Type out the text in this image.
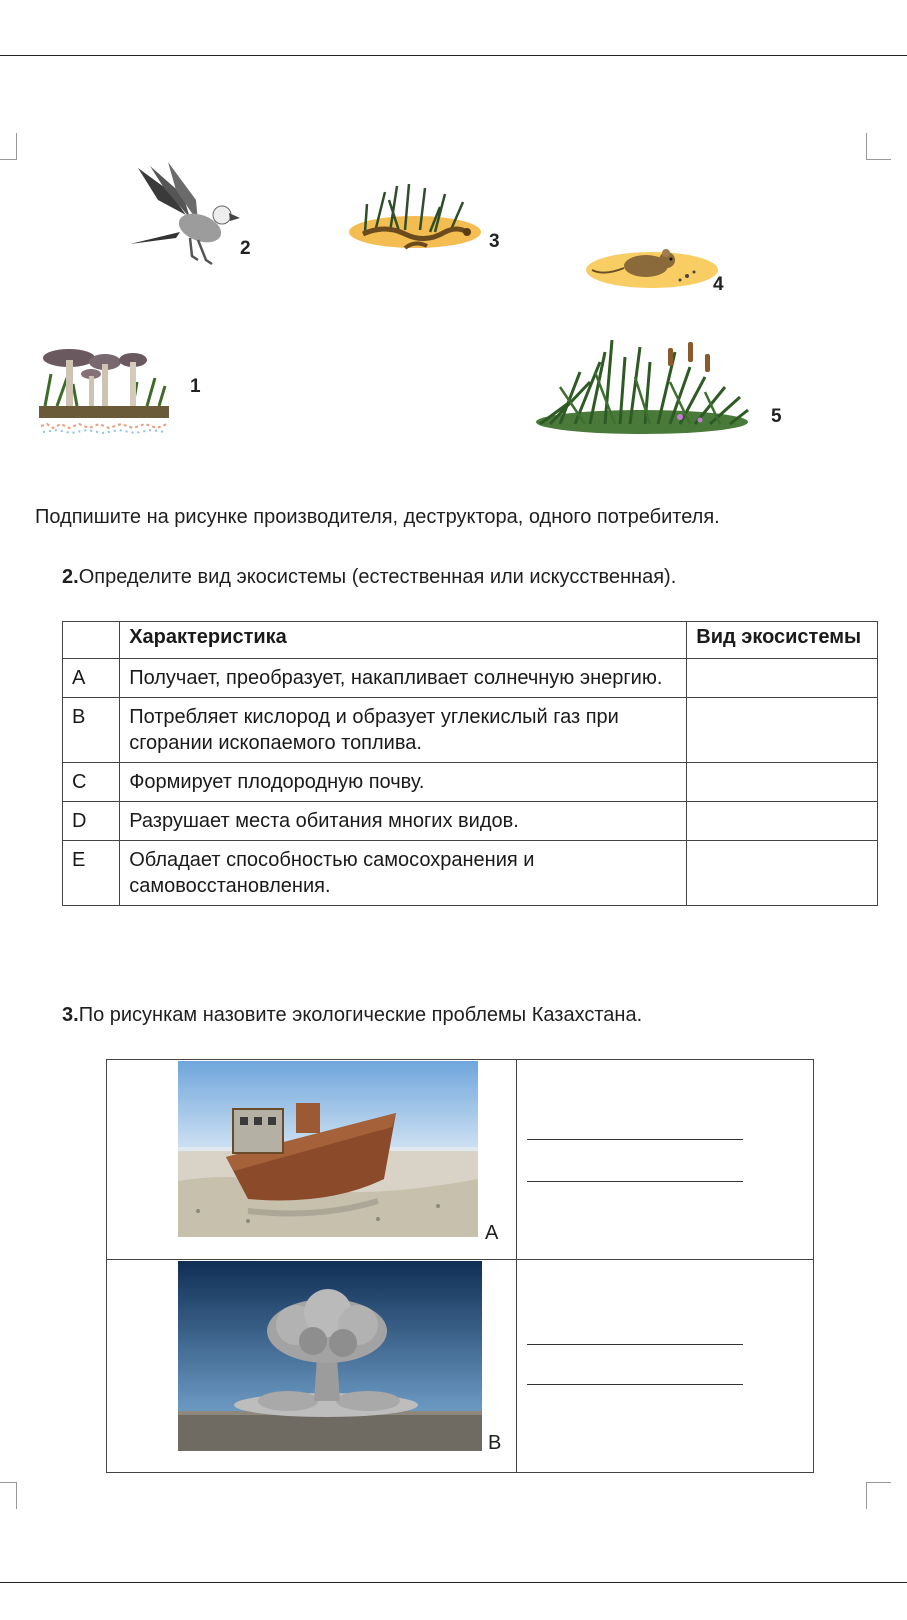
2	3
4
1
5
Подпишите на рисунке производителя, деструктора, одного потребителя.
2.Определите вид экосистемы (естественная или искусственная).
	Характеристика	Вид экосистемы
A	Получает, преобразует, накапливает солнечную энергию.	
B	Потребляет кислород и образует углекислый газ при сгорании ископаемого топлива.	
C	Формирует плодородную почву.	
D	Разрушает места обитания многих видов.	
E	Обладает способностью самосохранения и самовосстановления.	
3.По рисункам назовите экологические проблемы Казахстана.
A	

B	
